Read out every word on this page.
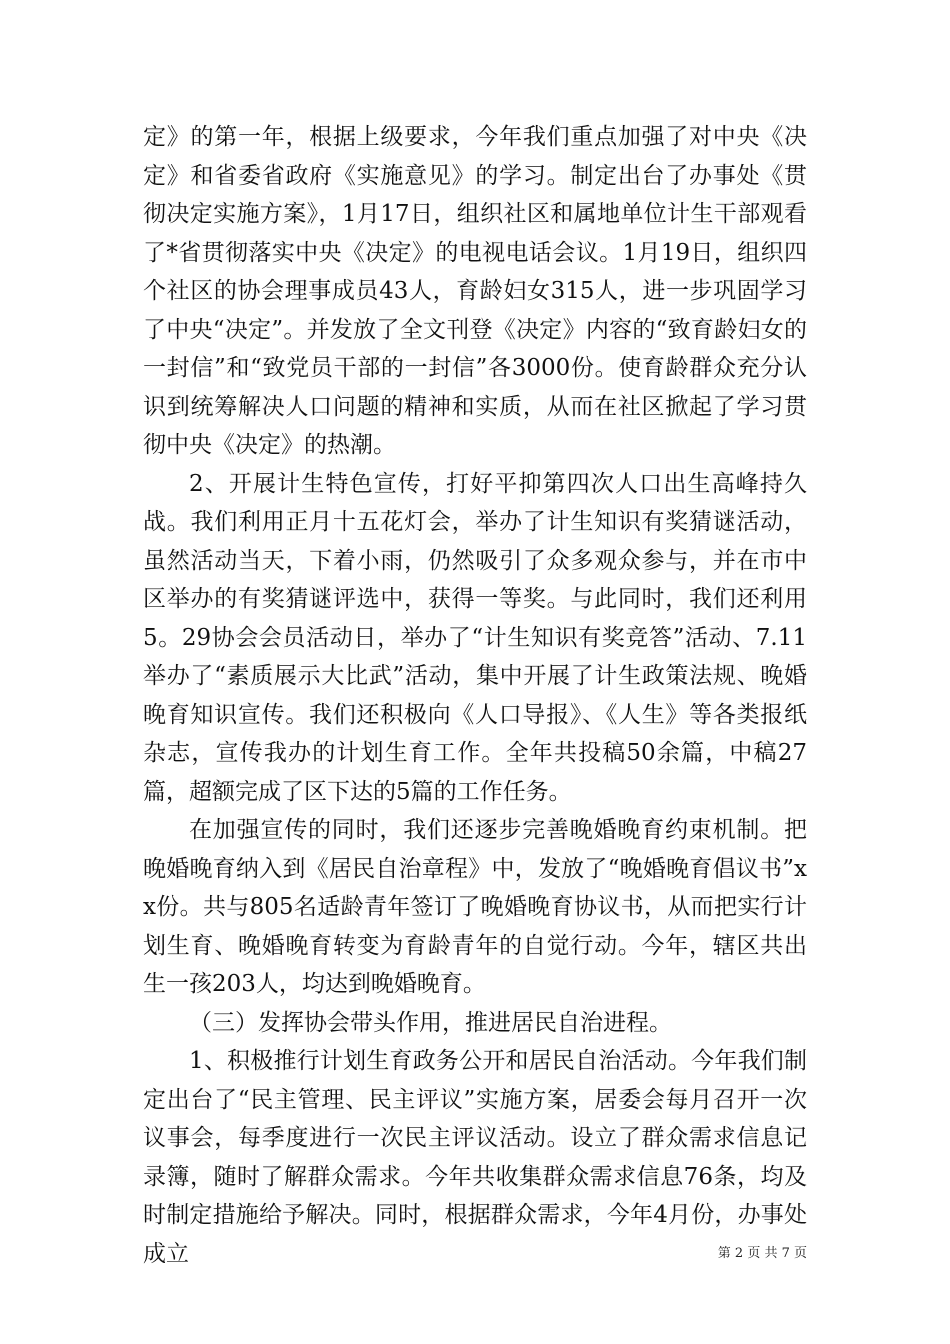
定》的第一年，根据上级要求，今年我们重点加强了对中央《决定》和省委省政府《实施意见》的学习。制定出台了办事处《贯彻决定实施方案》，1月17日，组织社区和属地单位计生干部观看了*省贯彻落实中央《决定》的电视电话会议。1月19日，组织四个社区的协会理事成员43人，育龄妇女315人，进一步巩固学习了中央“决定”。并发放了全文刊登《决定》内容的“致育龄妇女的一封信”和“致党员干部的一封信”各3000份。使育龄群众充分认识到统筹解决人口问题的精神和实质，从而在社区掀起了学习贯彻中央《决定》的热潮。

2、开展计生特色宣传，打好平抑第四次人口出生高峰持久战。我们利用正月十五花灯会，举办了计生知识有奖猜谜活动，虽然活动当天，下着小雨，仍然吸引了众多观众参与，并在市中区举办的有奖猜谜评选中，获得一等奖。与此同时，我们还利用5。29协会会员活动日，举办了“计生知识有奖竞答”活动、7.11举办了“素质展示大比武”活动，集中开展了计生政策法规、晚婚晚育知识宣传。我们还积极向《人口导报》、《人生》等各类报纸杂志，宣传我办的计划生育工作。全年共投稿50余篇，中稿27篇，超额完成了区下达的5篇的工作任务。

在加强宣传的同时，我们还逐步完善晚婚晚育约束机制。把晚婚晚育纳入到《居民自治章程》中，发放了“晚婚晚育倡议书”xx份。共与805名适龄青年签订了晚婚晚育协议书，从而把实行计划生育、晚婚晚育转变为育龄青年的自觉行动。今年，辖区共出生一孩203人，均达到晚婚晚育。

（三）发挥协会带头作用，推进居民自治进程。

1、积极推行计划生育政务公开和居民自治活动。今年我们制定出台了“民主管理、民主评议”实施方案，居委会每月召开一次议事会，每季度进行一次民主评议活动。设立了群众需求信息记录簿，随时了解群众需求。今年共收集群众需求信息76条，均及时制定措施给予解决。同时，根据群众需求，今年4月份，办事处成立	第 2 页 共 7 页
